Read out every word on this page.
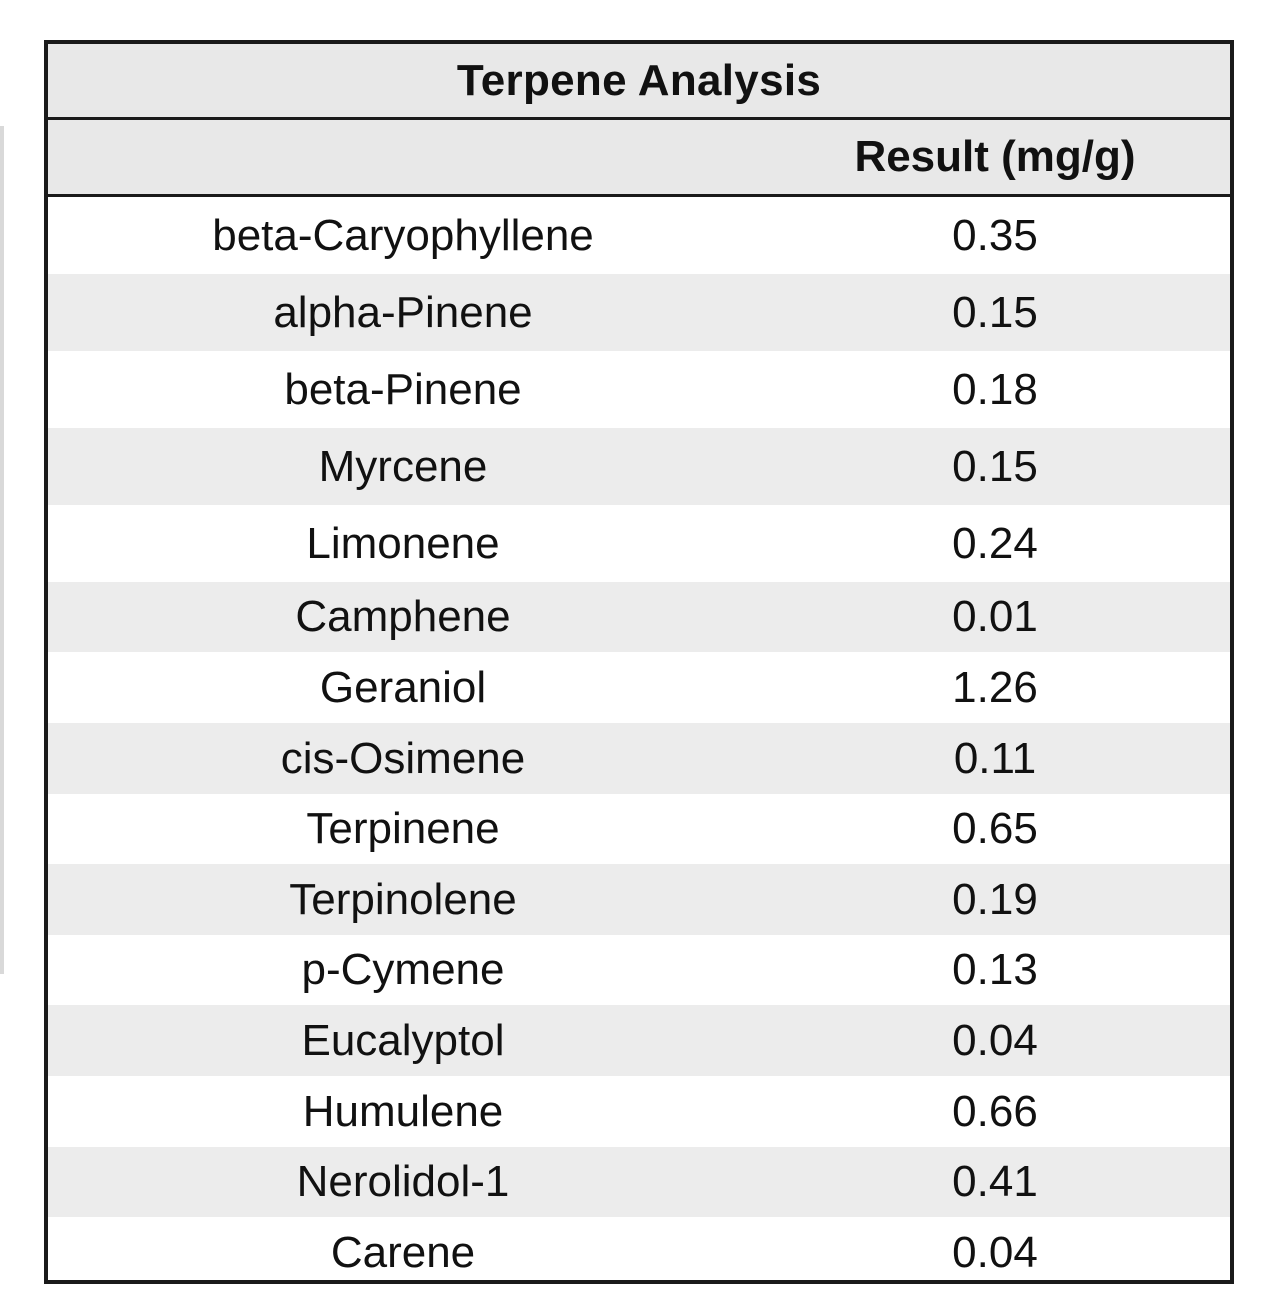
Terpene Analysis
Result (mg/g)
beta-Caryophyllene	0.35
alpha-Pinene	0.15
beta-Pinene	0.18
Myrcene	0.15
Limonene	0.24
Camphene	0.01
Geraniol	1.26
cis-Osimene	0.11
Terpinene	0.65
Terpinolene	0.19
p-Cymene	0.13
Eucalyptol	0.04
Humulene	0.66
Nerolidol-1	0.41
Carene	0.04
